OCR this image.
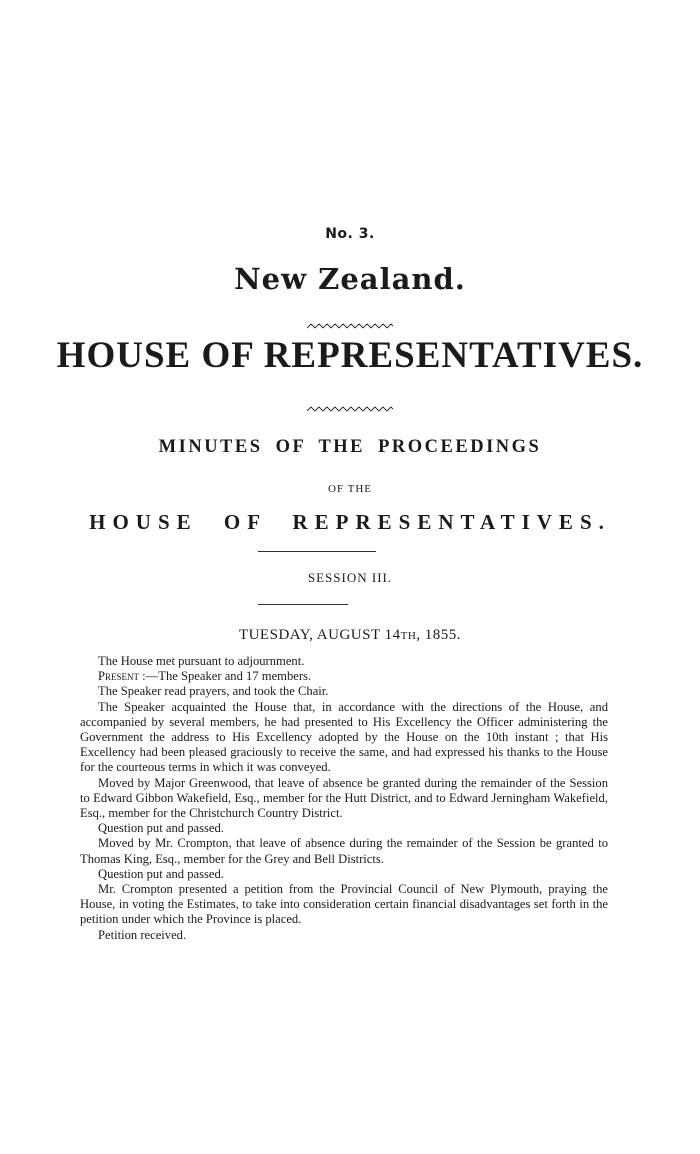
No. 3.
New Zealand.
HOUSE OF REPRESENTATIVES.
MINUTES OF THE PROCEEDINGS
OF THE
HOUSE OF REPRESENTATIVES.
SESSION III.
TUESDAY, AUGUST 14TH, 1855.

The House met pursuant to adjournment.

Present :—The Speaker and 17 members.

The Speaker read prayers, and took the Chair.

The Speaker acquainted the House that, in accordance with the directions of the House, and accompanied by several members, he had presented to His Excellency the Officer administering the Government the address to His Excellency adopted by the House on the 10th instant ; that His Excellency had been pleased graciously to receive the same, and had expressed his thanks to the House for the courteous terms in which it was conveyed.

Moved by Major Greenwood, that leave of absence be granted during the remainder of the Session to Edward Gibbon Wakefield, Esq., member for the Hutt District, and to Edward Jerningham Wakefield, Esq., member for the Christchurch Country District.

Question put and passed.

Moved by Mr. Crompton, that leave of absence during the remainder of the Session be granted to Thomas King, Esq., member for the Grey and Bell Districts.

Question put and passed.

Mr. Crompton presented a petition from the Provincial Council of New Plymouth, praying the House, in voting the Estimates, to take into consideration certain financial disadvantages set forth in the petition under which the Province is placed.

Petition received.
